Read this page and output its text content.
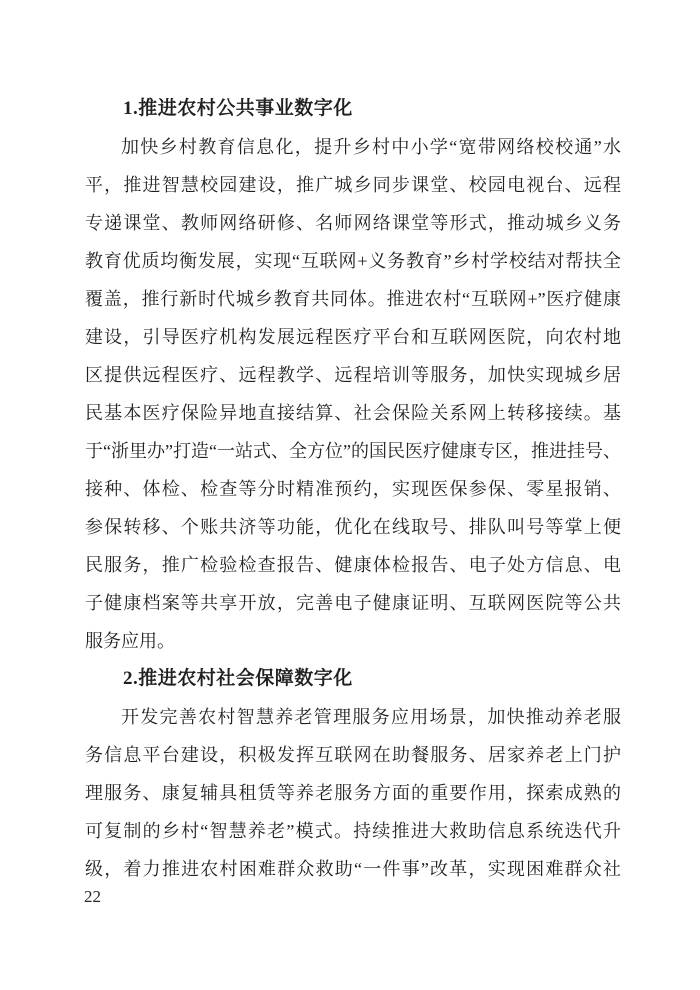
1.推进农村公共事业数字化
加快乡村教育信息化，提升乡村中小学“宽带网络校校通”水
平，推进智慧校园建设，推广城乡同步课堂、校园电视台、远程
专递课堂、教师网络研修、名师网络课堂等形式，推动城乡义务
教育优质均衡发展，实现“互联网+义务教育”乡村学校结对帮扶全
覆盖，推行新时代城乡教育共同体。推进农村“互联网+”医疗健康
建设，引导医疗机构发展远程医疗平台和互联网医院，向农村地
区提供远程医疗、远程教学、远程培训等服务，加快实现城乡居
民基本医疗保险异地直接结算、社会保险关系网上转移接续。基
于“浙里办”打造“一站式、全方位”的国民医疗健康专区，推进挂号、
接种、体检、检查等分时精准预约，实现医保参保、零星报销、
参保转移、个账共济等功能，优化在线取号、排队叫号等掌上便
民服务，推广检验检查报告、健康体检报告、电子处方信息、电
子健康档案等共享开放，完善电子健康证明、互联网医院等公共
服务应用。
2.推进农村社会保障数字化
开发完善农村智慧养老管理服务应用场景，加快推动养老服
务信息平台建设，积极发挥互联网在助餐服务、居家养老上门护
理服务、康复辅具租赁等养老服务方面的重要作用，探索成熟的
可复制的乡村“智慧养老”模式。持续推进大救助信息系统迭代升
级，着力推进农村困难群众救助“一件事”改革，实现困难群众社
22
